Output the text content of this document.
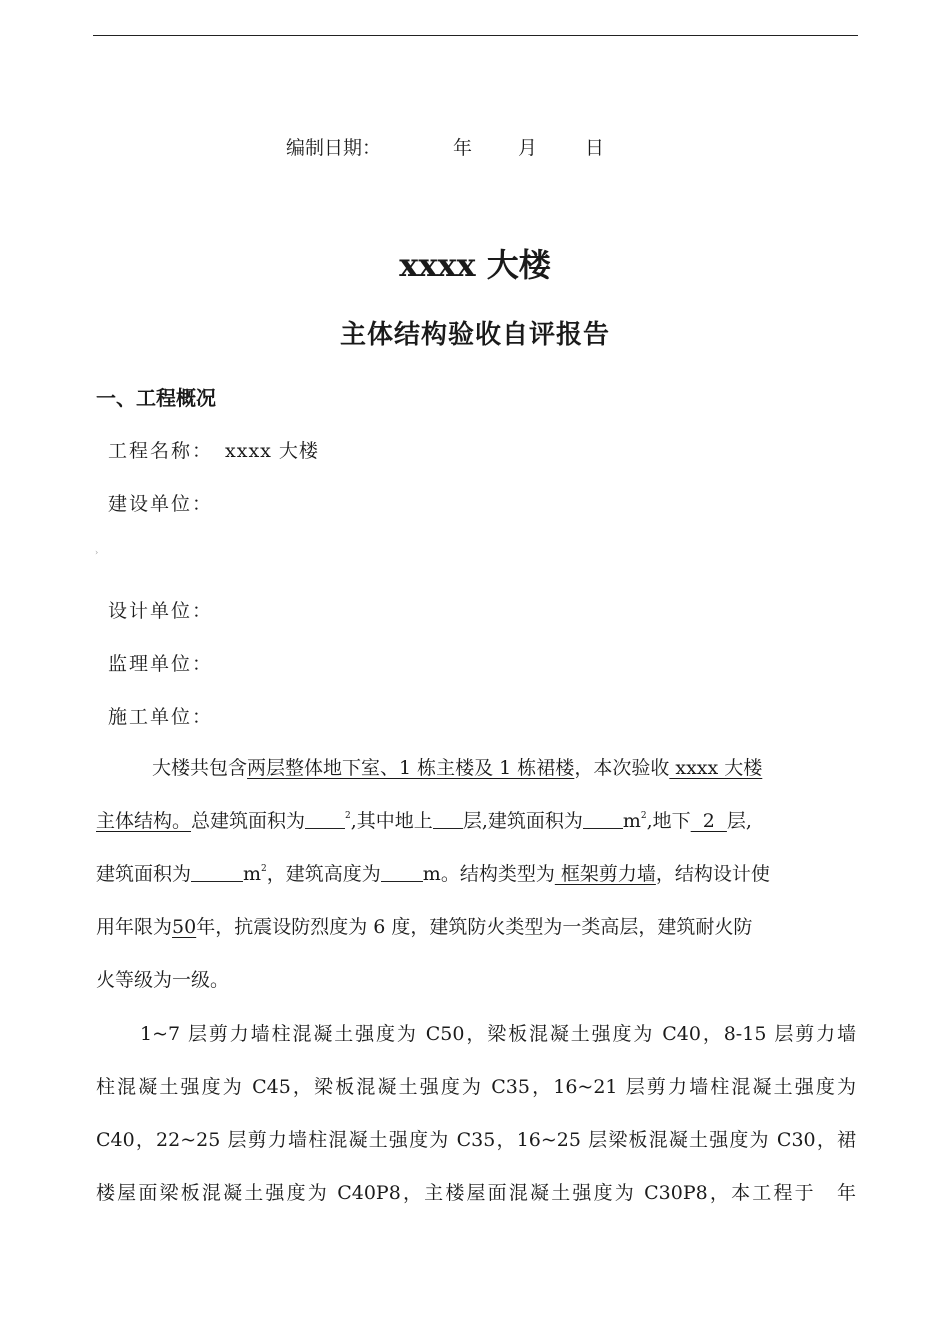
编制日期：	年 月	日
xxxx 大楼
主体结构验收自评报告
一、工程概况
工程名称： xxxx 大楼
建设单位：
›
设计单位：
监理单位：
施工单位：

大楼共包含两层整体地下室、1 栋主楼及 1 栋裙楼，本次验收 xxxx 大楼
主体结构。总建筑面积为	$^2$,其中地上 层,建筑面积为 $m^2$,地下  2  层,
建筑面积为	$m^2$，建筑高度为 m。结构类型为 框架剪力墙，结构设计使
用年限为50年，抗震设防烈度为 6 度，建筑防火类型为一类高层，建筑耐火防
火等级为一级。

1~7 层剪力墙柱混凝土强度为 C50，梁板混凝土强度为 C40，8-15 层剪力墙

柱混凝土强度为 C45，梁板混凝土强度为 C35，16~21 层剪力墙柱混凝土强度为

C40，22~25 层剪力墙柱混凝土强度为 C35，16~25 层梁板混凝土强度为 C30，裙

楼屋面梁板混凝土强度为 C40P8，主楼屋面混凝土强度为 C30P8，本工程于　年
